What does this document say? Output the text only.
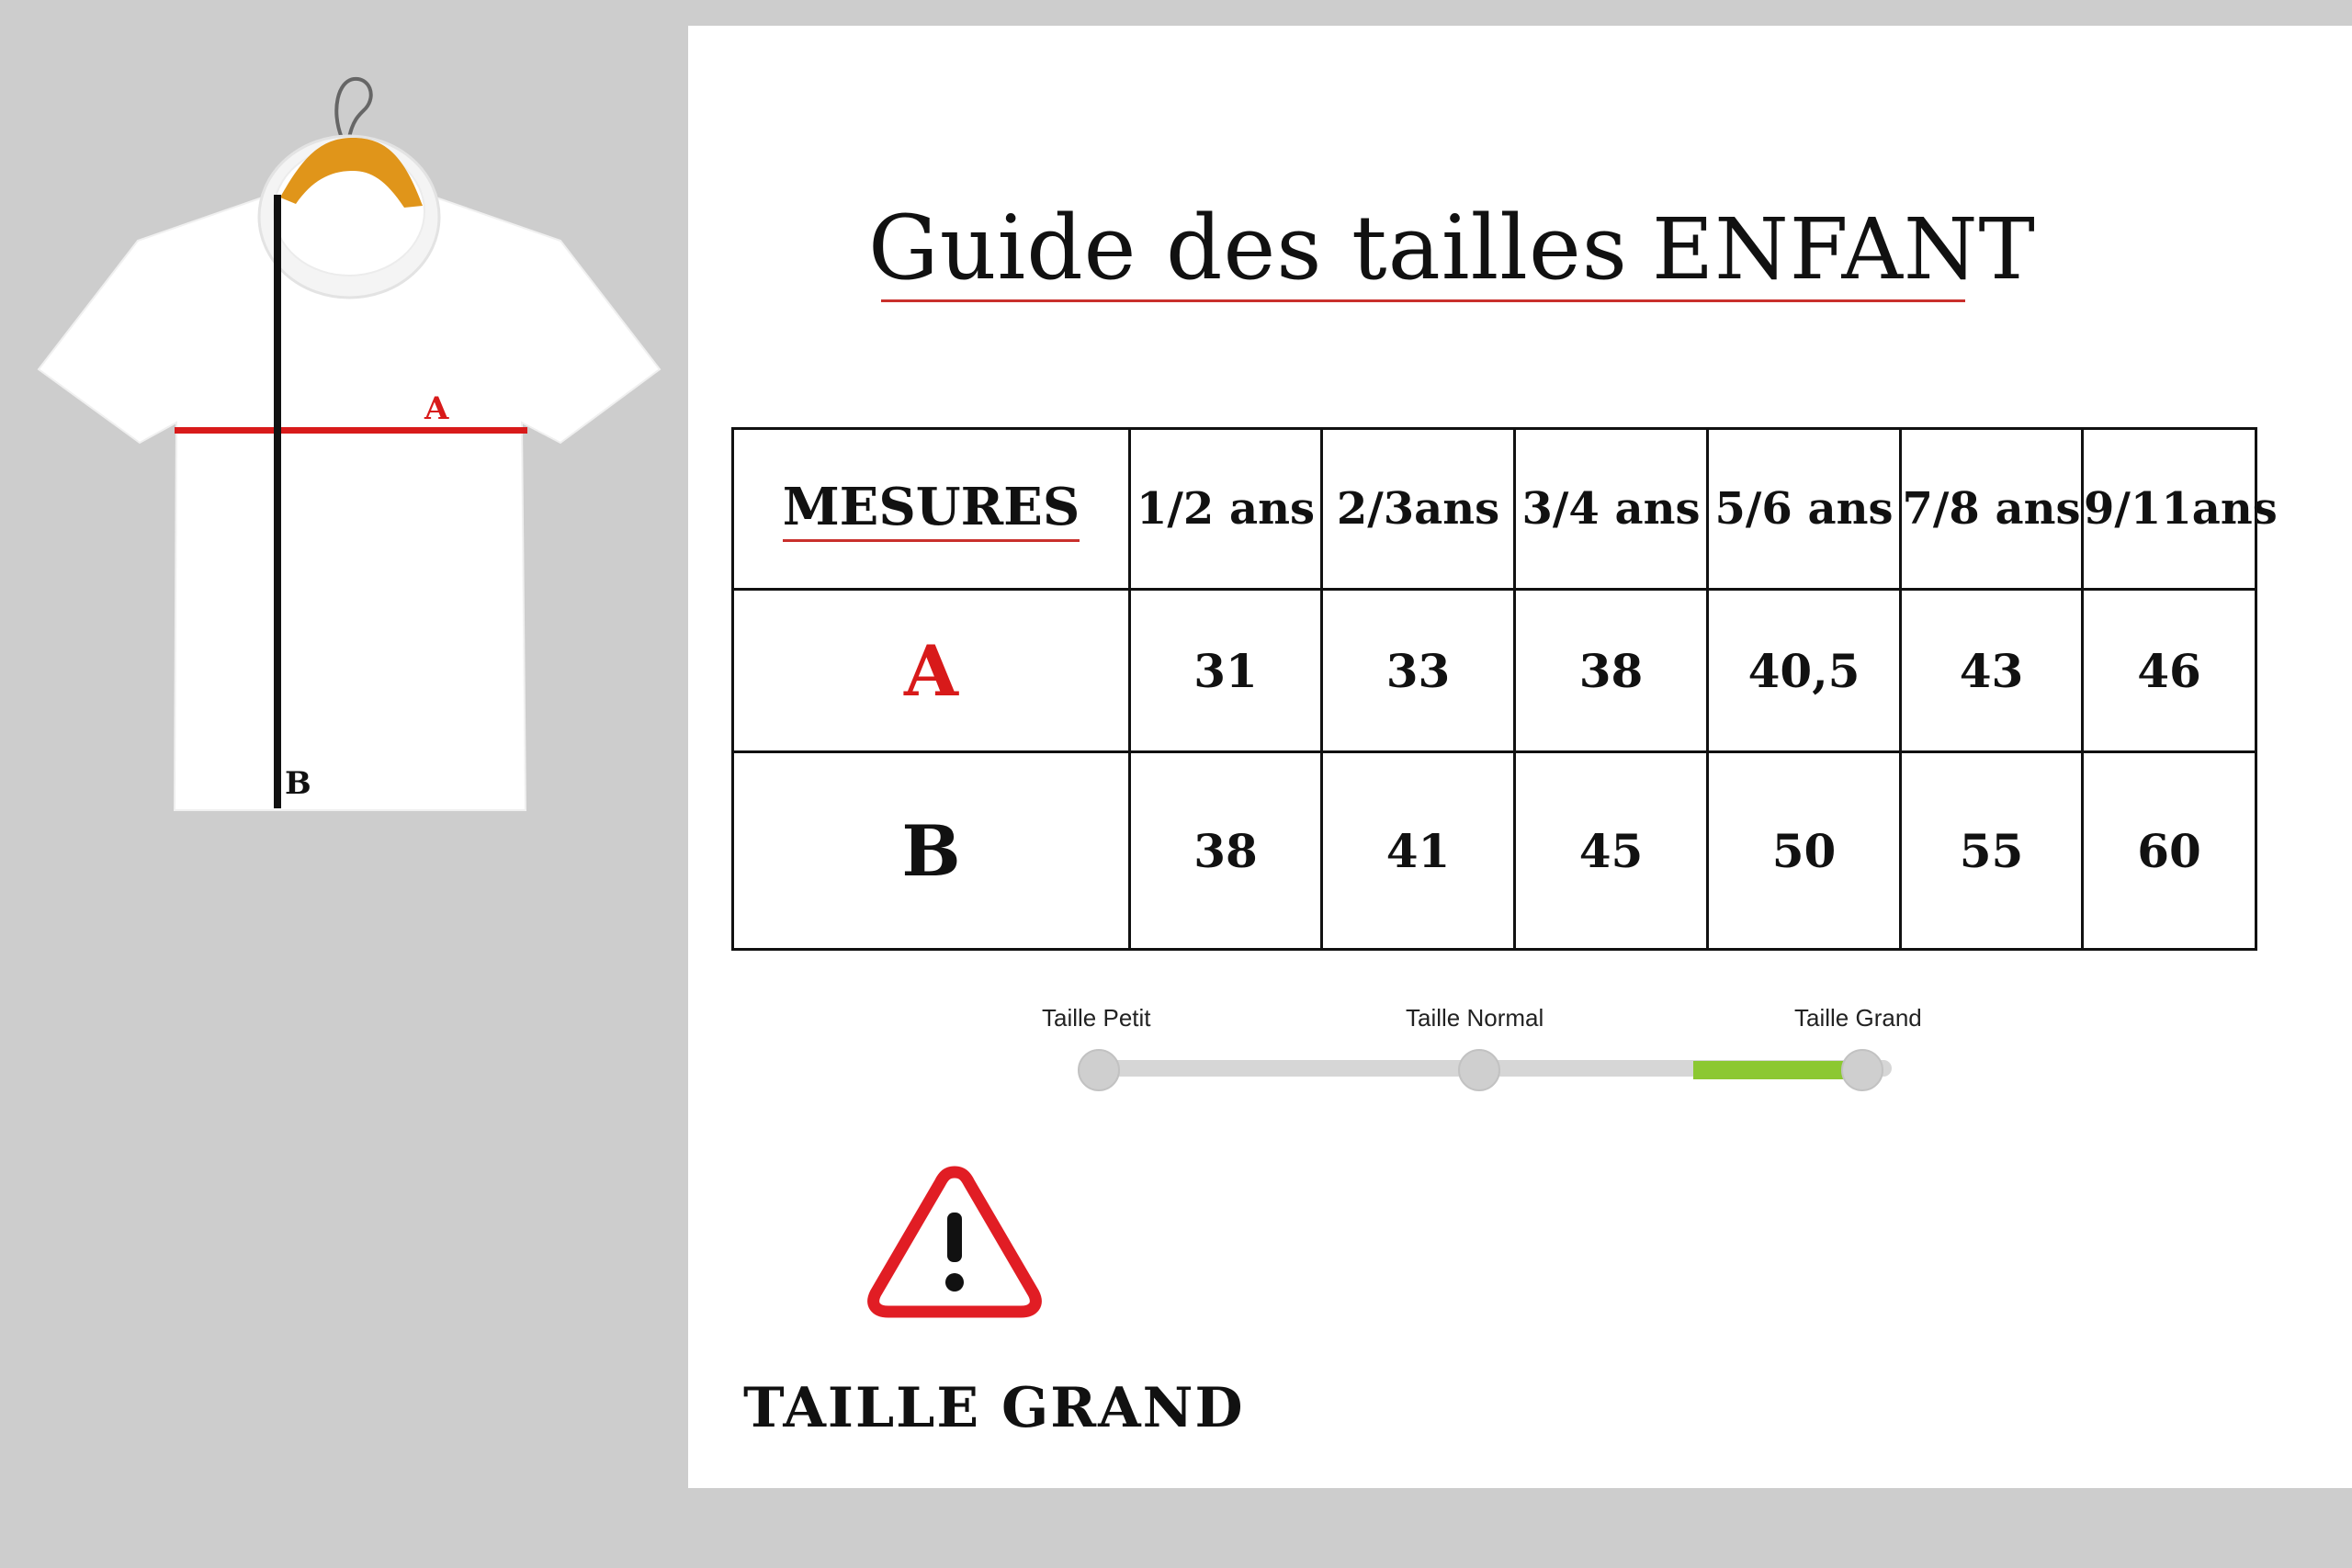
A
B
Guide des tailles ENFANT
MESURES	1/2 ans	2/3ans	3/4 ans	5/6 ans	7/8 ans	9/11ans
A	31	33	38	40,5	43	46
B	38	41	45	50	55	60
Taille Petit	Taille Normal	Taille Grand
TAILLE GRAND
